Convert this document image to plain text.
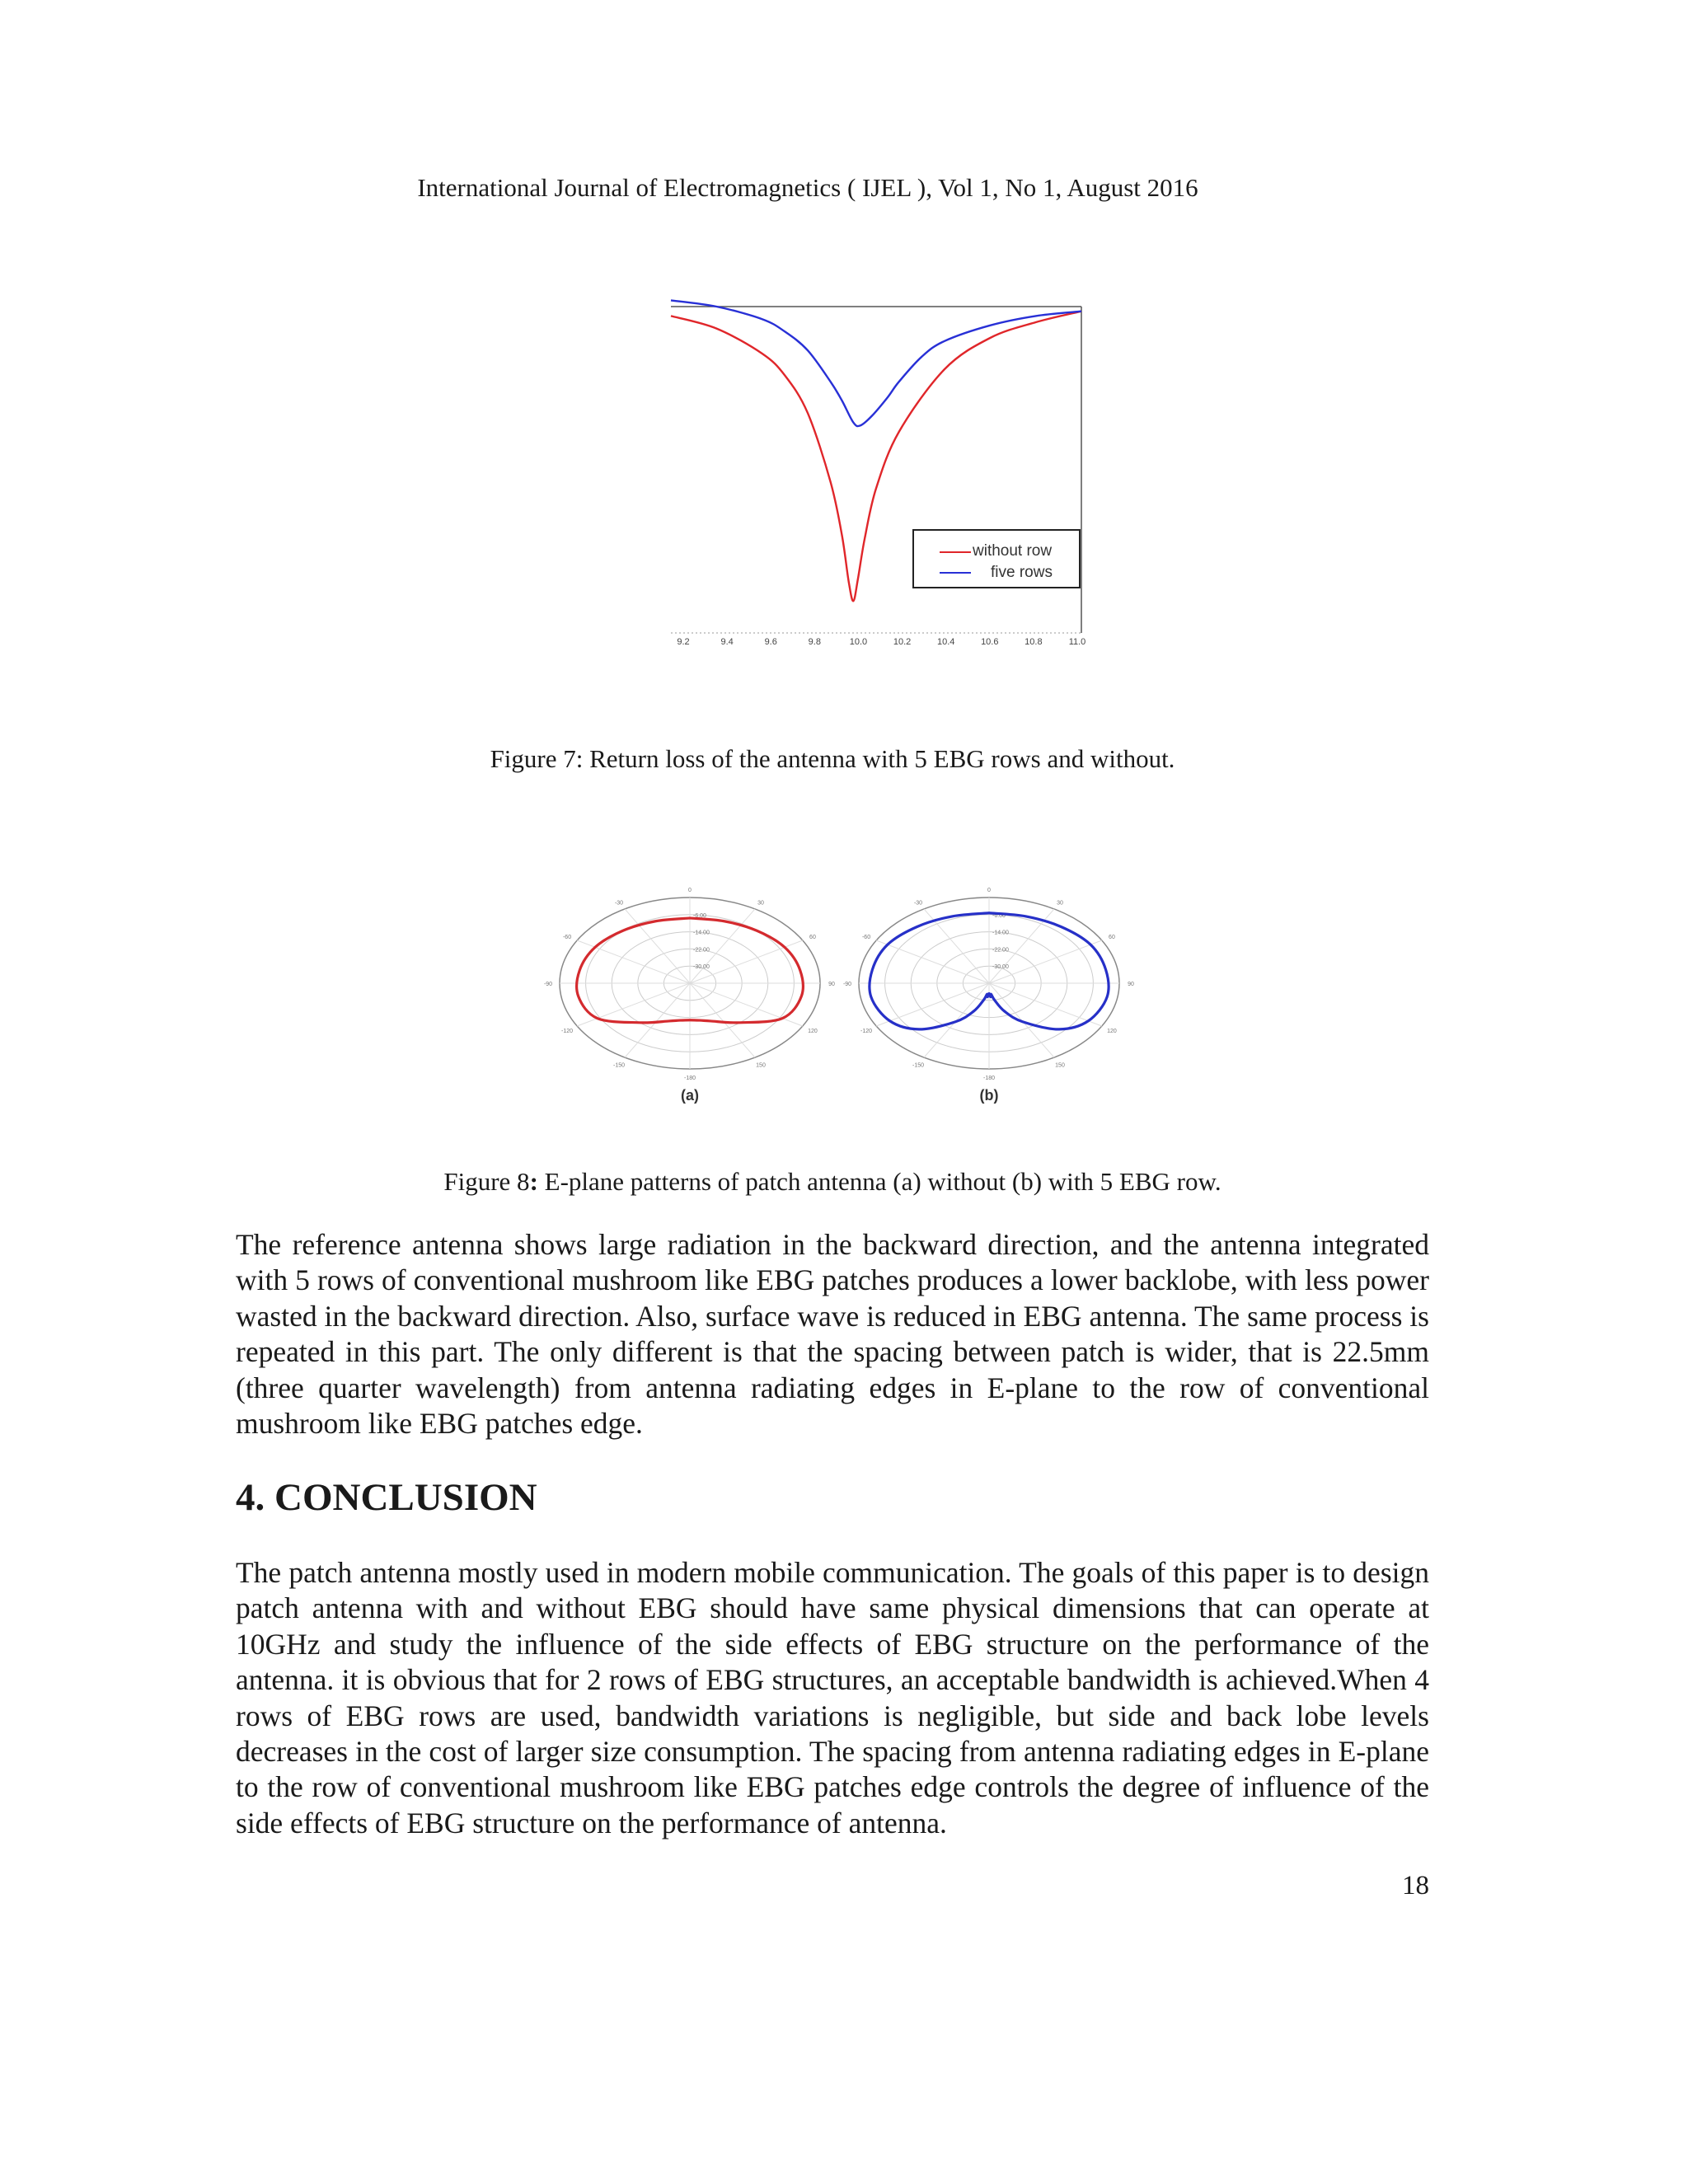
International Journal of Electromagnetics ( IJEL ), Vol 1, No 1, August 2016
9.2	9.4	9.6	9.8	10.0	10.2	10.4	10.6	10.8	11.0
without row
five rows
Figure 7: Return loss of the antenna with 5 EBG rows and without.
0
-30	30
-60	60
-90	90
-120	120
-150	150
-180
-6.00
-14.00
-22.00
-30.00
(a)
0
-30	30
-60	60
-90	90
-120	120
-150	150
-180
-6.00
-14.00
-22.00
-30.00
(b)
Figure 8: E-plane patterns of patch antenna (a) without (b) with 5 EBG row.
The reference antenna shows large radiation in the backward direction, and the antenna integrated with 5 rows of conventional mushroom like EBG patches produces a lower backlobe, with less power wasted in the backward direction. Also, surface wave is reduced in EBG antenna. The same process is repeated in this part. The only different is that the spacing between patch is wider, that is 22.5mm (three quarter wavelength) from antenna radiating edges in E-plane to the row of conventional mushroom like EBG patches edge.
4. CONCLUSION
The patch antenna mostly used in modern mobile communication. The goals of this paper is to design patch antenna with and without EBG should have same physical dimensions that can operate at 10GHz and study the influence of the side effects of EBG structure on the performance of the antenna. it is obvious that for 2 rows of EBG structures, an acceptable bandwidth is achieved.When 4 rows of EBG rows are used, bandwidth variations is negligible, but side and back lobe levels decreases in the cost of larger size consumption. The spacing from antenna radiating edges in E-plane to the row of conventional mushroom like EBG patches edge controls the degree of influence of the side effects of EBG structure on the performance of antenna.
18
